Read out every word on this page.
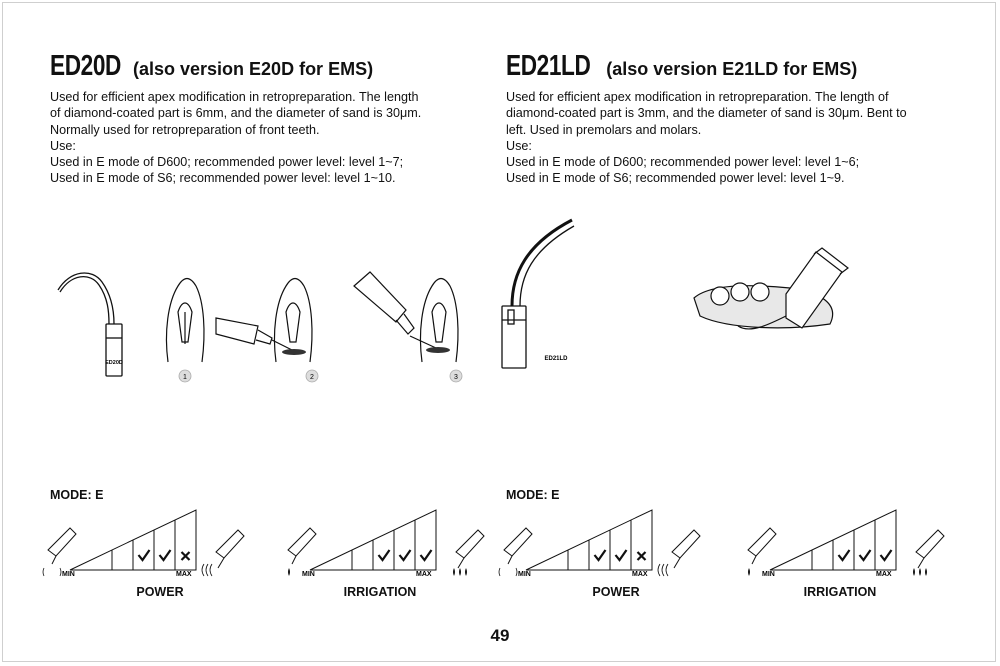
ED20D (also version E20D for EMS)
Used for efficient apex modification in retropreparation. The length
of diamond-coated part is 6mm, and the diameter of sand is 30μm.
Normally used for retropreparation of front teeth.
Use:
Used in E mode of D600; recommended power level: level 1~7;
Used in E mode of S6; recommended power level: level 1~10.
ED21LD (also version E21LD for EMS)
Used for efficient apex modification in retropreparation. The length of
diamond-coated part is 3mm, and the diameter of sand is 30μm. Bent to
left. Used in premolars and molars.
Use:
Used in E mode of D600; recommended power level: level 1~6;
Used in E mode of S6; recommended power level: level 1~9.
ED20D
1	2	3
ED21LD
MODE: E	MODE: E
MIN	MAX
POWER
MIN	MAX
IRRIGATION
MIN	MAX
POWER
MIN	MAX
IRRIGATION
49
